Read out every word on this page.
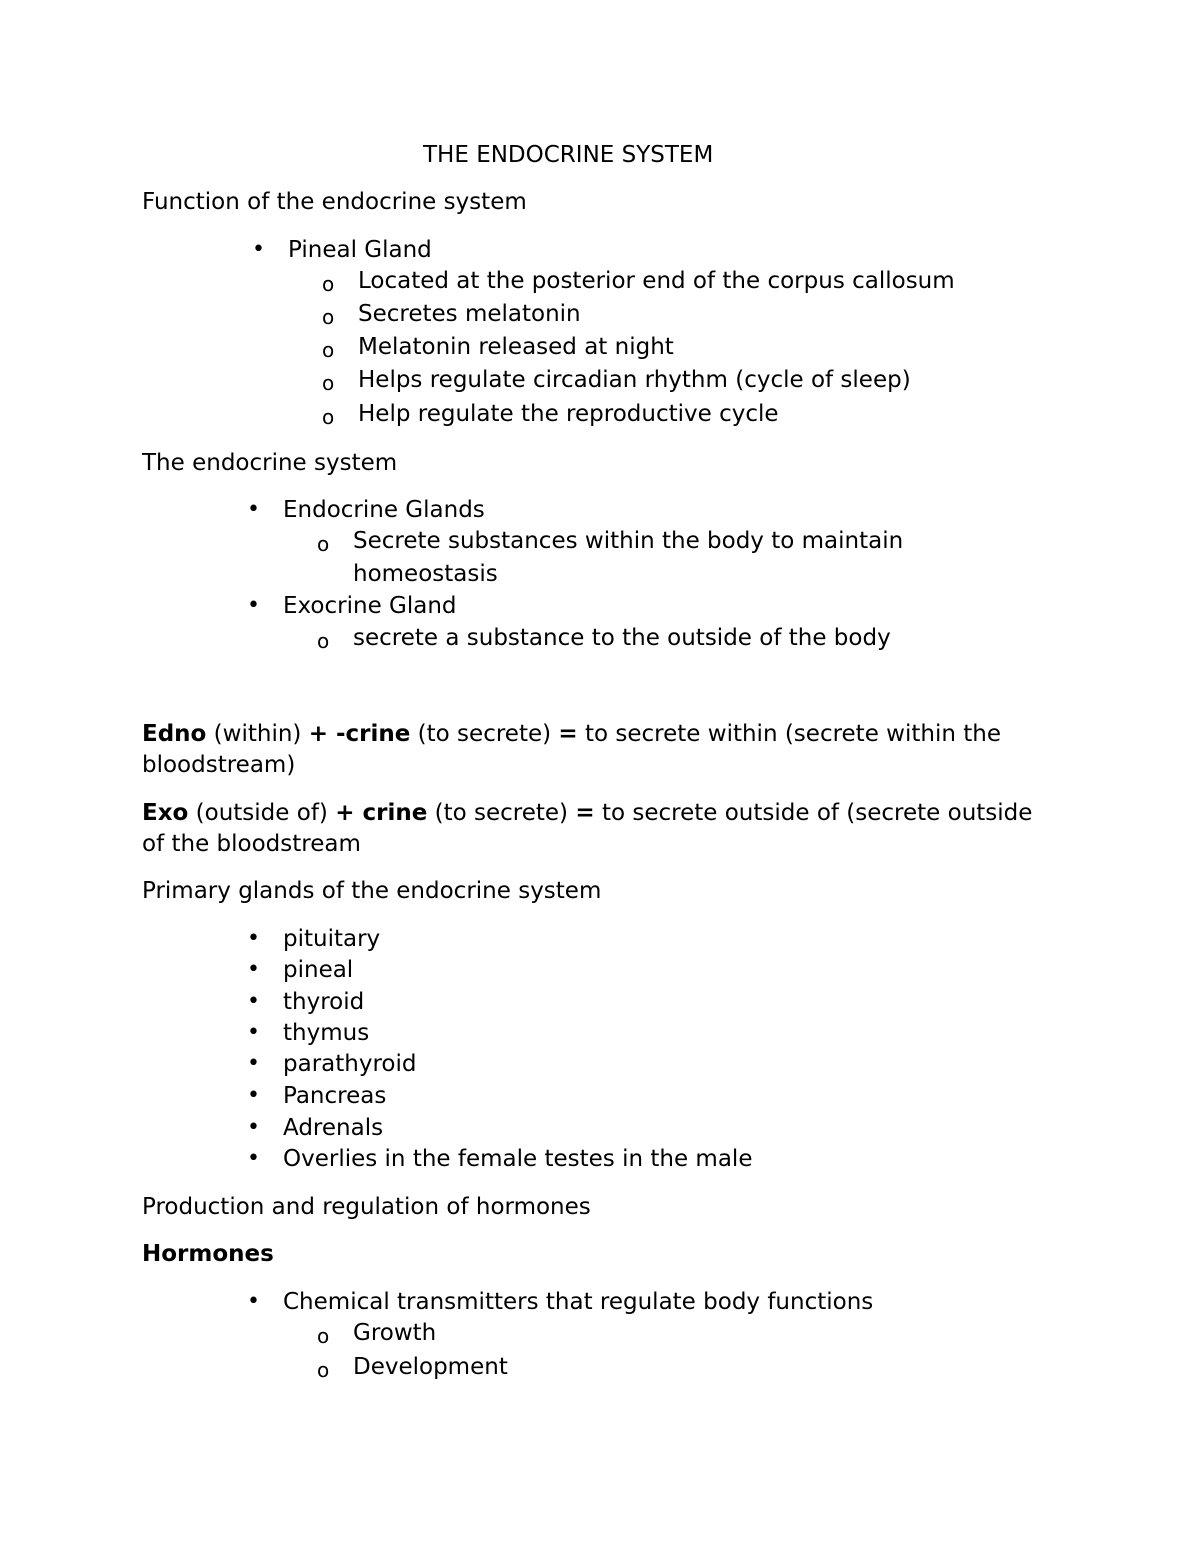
THE ENDOCRINE SYSTEM
Function of the endocrine system
• Pineal Gland
o Located at the posterior end of the corpus callosum
o Secretes melatonin
o Melatonin released at night
o Helps regulate circadian rhythm (cycle of sleep)
o Help regulate the reproductive cycle
The endocrine system
• Endocrine Glands
o Secrete substances within the body to maintain
homeostasis
• Exocrine Gland
o secrete a substance to the outside of the body
Edno (within) + -crine (to secrete) = to secrete within (secrete within the
bloodstream)
Exo (outside of) + crine (to secrete) = to secrete outside of (secrete outside
of the bloodstream
Primary glands of the endocrine system
• pituitary
• pineal
• thyroid
• thymus
• parathyroid
• Pancreas
• Adrenals
• Overlies in the female testes in the male
Production and regulation of hormones
Hormones
• Chemical transmitters that regulate body functions
o Growth
o Development
